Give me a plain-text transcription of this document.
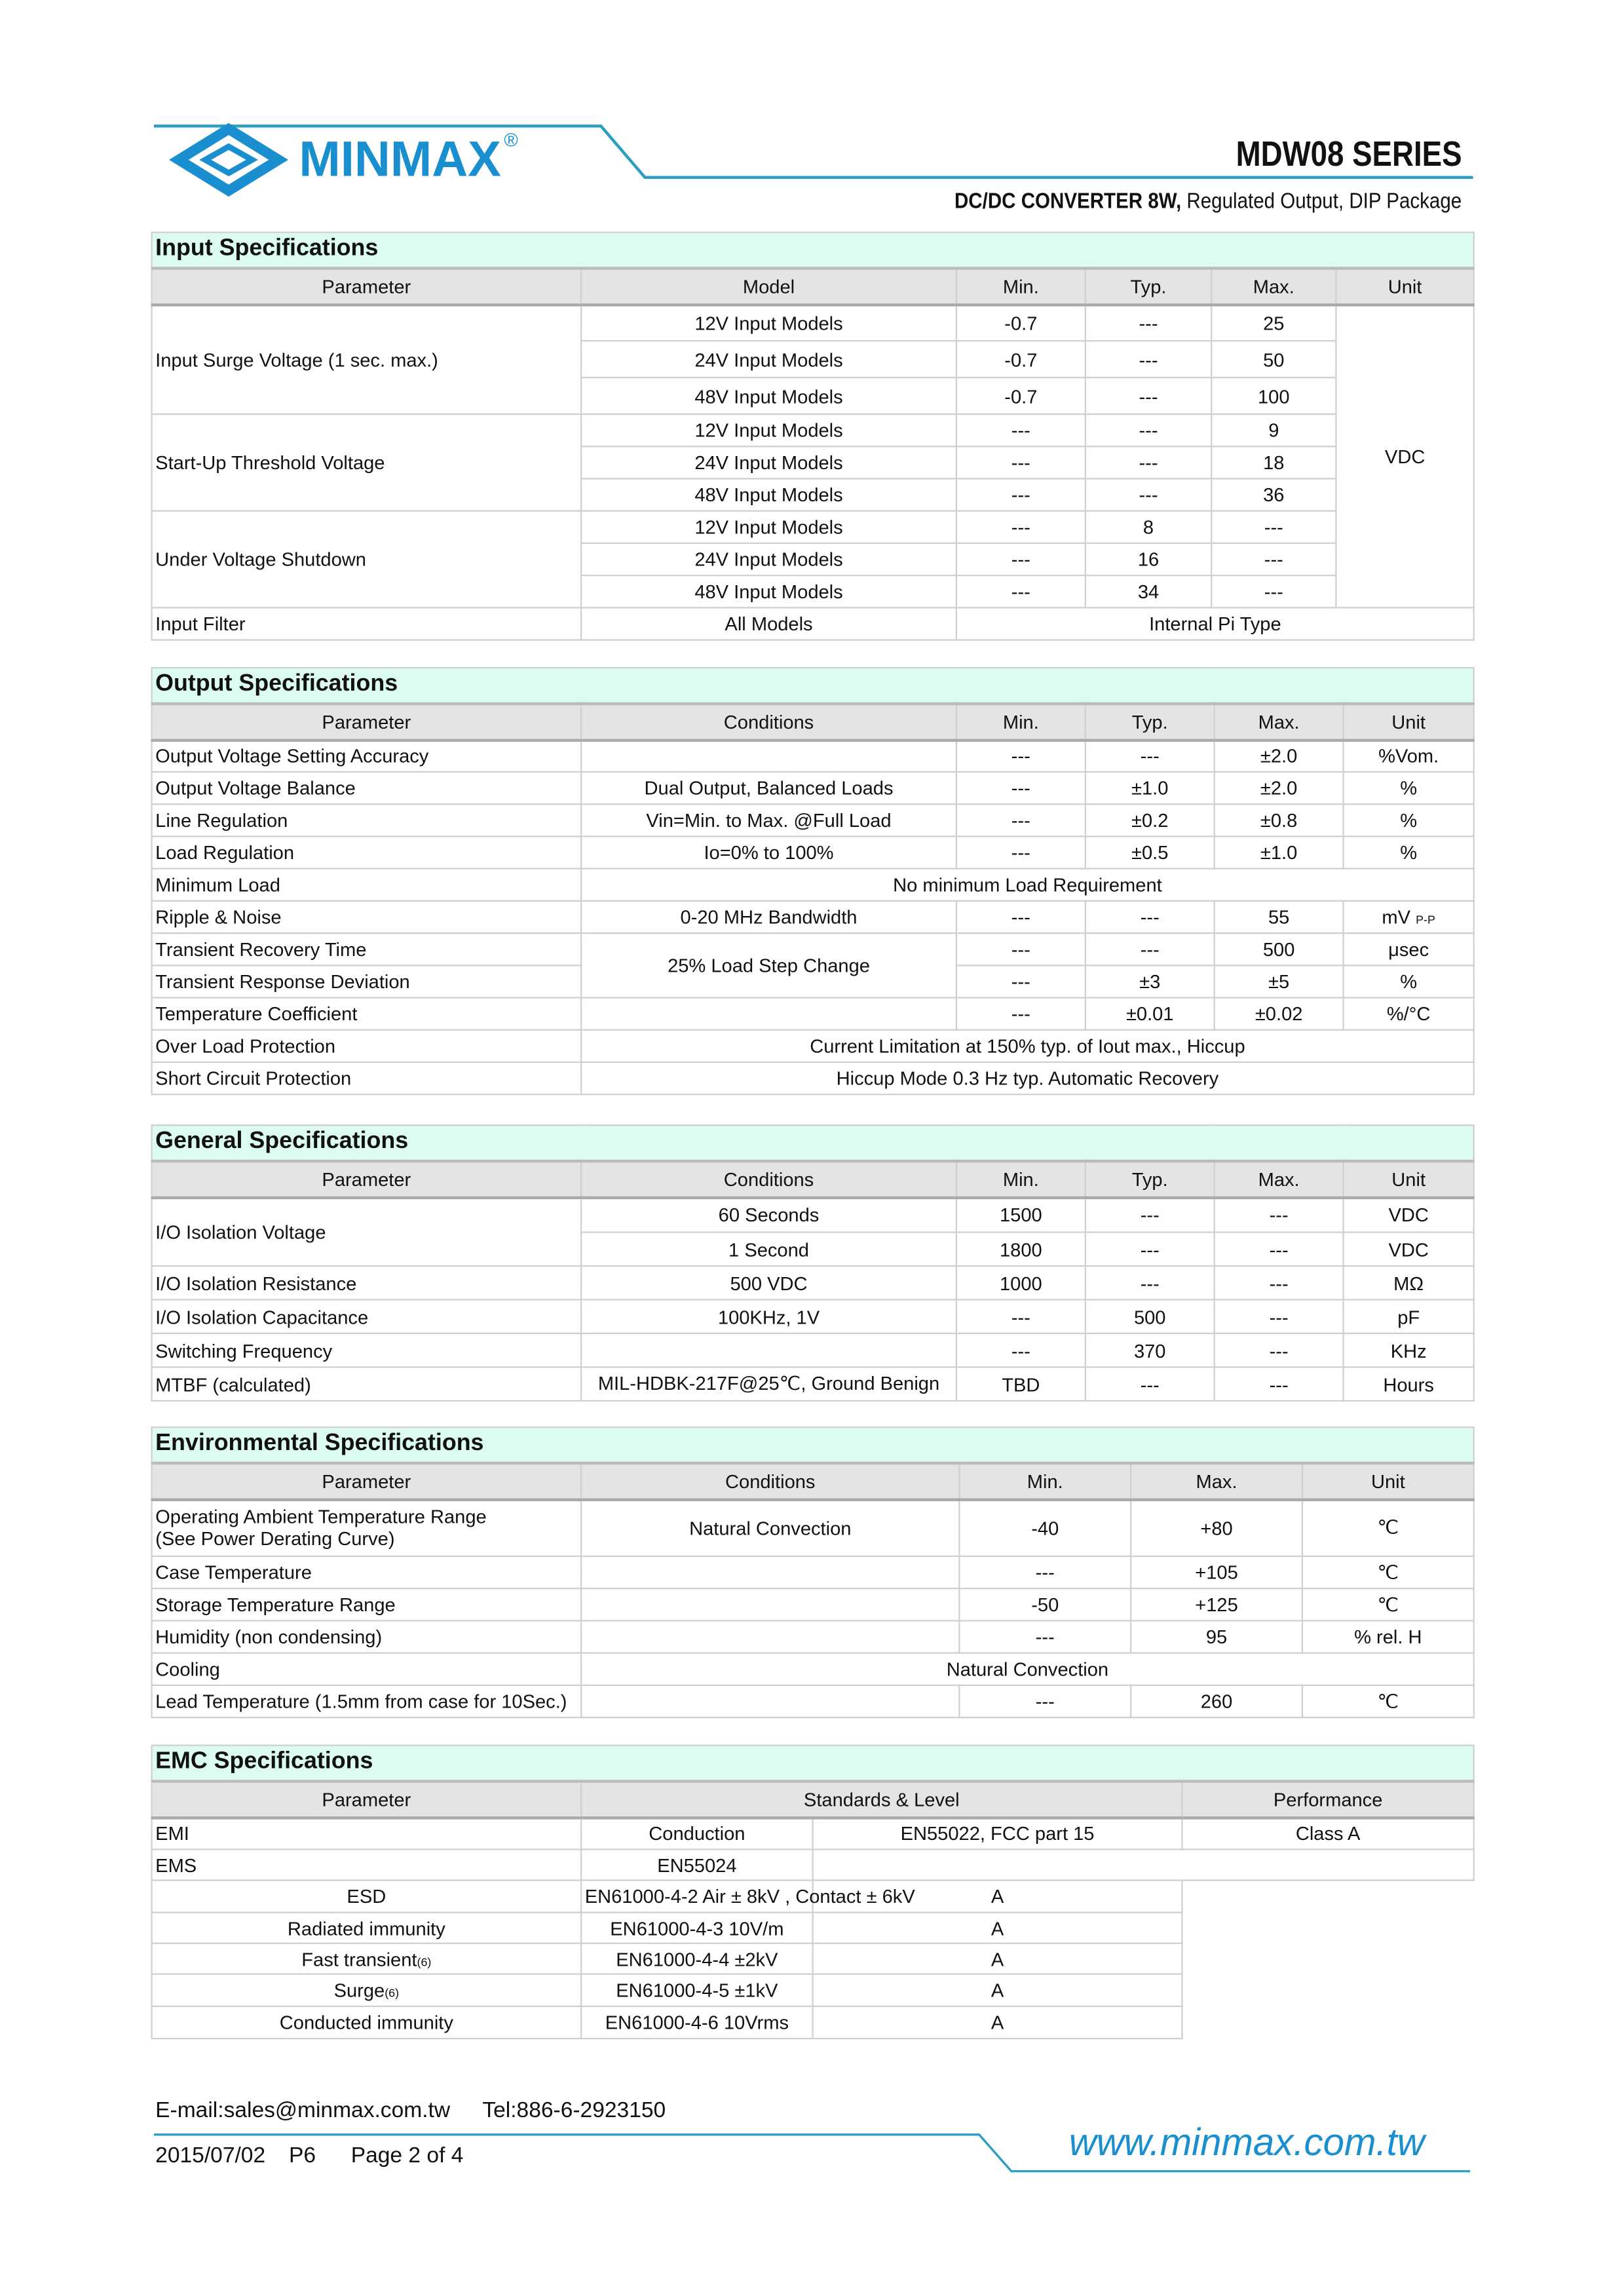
MINMAX ®	MDW08 SERIES
DC/DC CONVERTER 8W, Regulated Output, DIP Package
Input Specifications					
Parameter	Model	Min.	Typ.	Max.	Unit
Input Surge Voltage (1 sec. max.)	12V Input Models	-0.7	---	25	VDC
	24V Input Models	-0.7	---	50	
	48V Input Models	-0.7	---	100	
Start-Up Threshold Voltage	12V Input Models	---	---	9	
	24V Input Models	---	---	18	
	48V Input Models	---	---	36	
Under Voltage Shutdown	12V Input Models	---	8	---	
	24V Input Models	---	16	---	
	48V Input Models	---	34	---	
Input Filter	All Models	Internal Pi Type			
Output Specifications					
Parameter	Conditions	Min.	Typ.	Max.	Unit
Output Voltage Setting Accuracy		---	---	±2.0	%Vom.
Output Voltage Balance	Dual Output, Balanced Loads	---	±1.0	±2.0	%
Line Regulation	Vin=Min. to Max. @Full Load	---	±0.2	±0.8	%
Load Regulation	Io=0% to 100%	---	±0.5	±1.0	%
Minimum Load	No minimum Load Requirement				
Ripple & Noise	0-20 MHz Bandwidth	---	---	55	mV P-P
Transient Recovery Time	25% Load Step Change	---	---	500	μsec
Transient Response Deviation		---	±3	±5	%
Temperature Coefficient		---	±0.01	±0.02	%/°C
Over Load Protection	Current Limitation at 150% typ. of Iout max., Hiccup				
Short Circuit Protection	Hiccup Mode 0.3 Hz typ. Automatic Recovery				
General Specifications					
Parameter	Conditions	Min.	Typ.	Max.	Unit
I/O Isolation Voltage	60 Seconds	1500	---	---	VDC
	1 Second	1800	---	---	VDC
I/O Isolation Resistance	500 VDC	1000	---	---	MΩ
I/O Isolation Capacitance	100KHz, 1V	---	500	---	pF
Switching Frequency		---	370	---	KHz
MTBF (calculated)	MIL-HDBK-217F@25℃, Ground Benign	TBD	---	---	Hours
Environmental Specifications				
Parameter	Conditions	Min.	Max.	Unit

Operating Ambient Temperature Range
(See Power Derating Curve)	Natural Convection	-40	+80	℃
Case Temperature		---	+105	℃
Storage Temperature Range		-50	+125	℃
Humidity (non condensing)		---	95	% rel. H
Cooling	Natural Convection			
Lead Temperature (1.5mm from case for 10Sec.)		---	260	℃
EMC Specifications			
Parameter	Standards & Level		Performance
EMI	Conduction	EN55022, FCC part 15	Class A
EMS	EN55024		
ESD	EN61000-4-2 Air ± 8kV , Contact ± 6kV	A	
Radiated immunity	EN61000-4-3 10V/m	A	
Fast transient(6)	EN61000-4-4 ±2kV	A	
Surge(6)	EN61000-4-5 ±1kV	A	
Conducted immunity	EN61000-4-6 10Vrms	A	
E-mail:sales@minmax.com.tw	Tel:886-6-2923150
2015/07/02 P6	Page 2 of 4	www.minmax.com.tw
